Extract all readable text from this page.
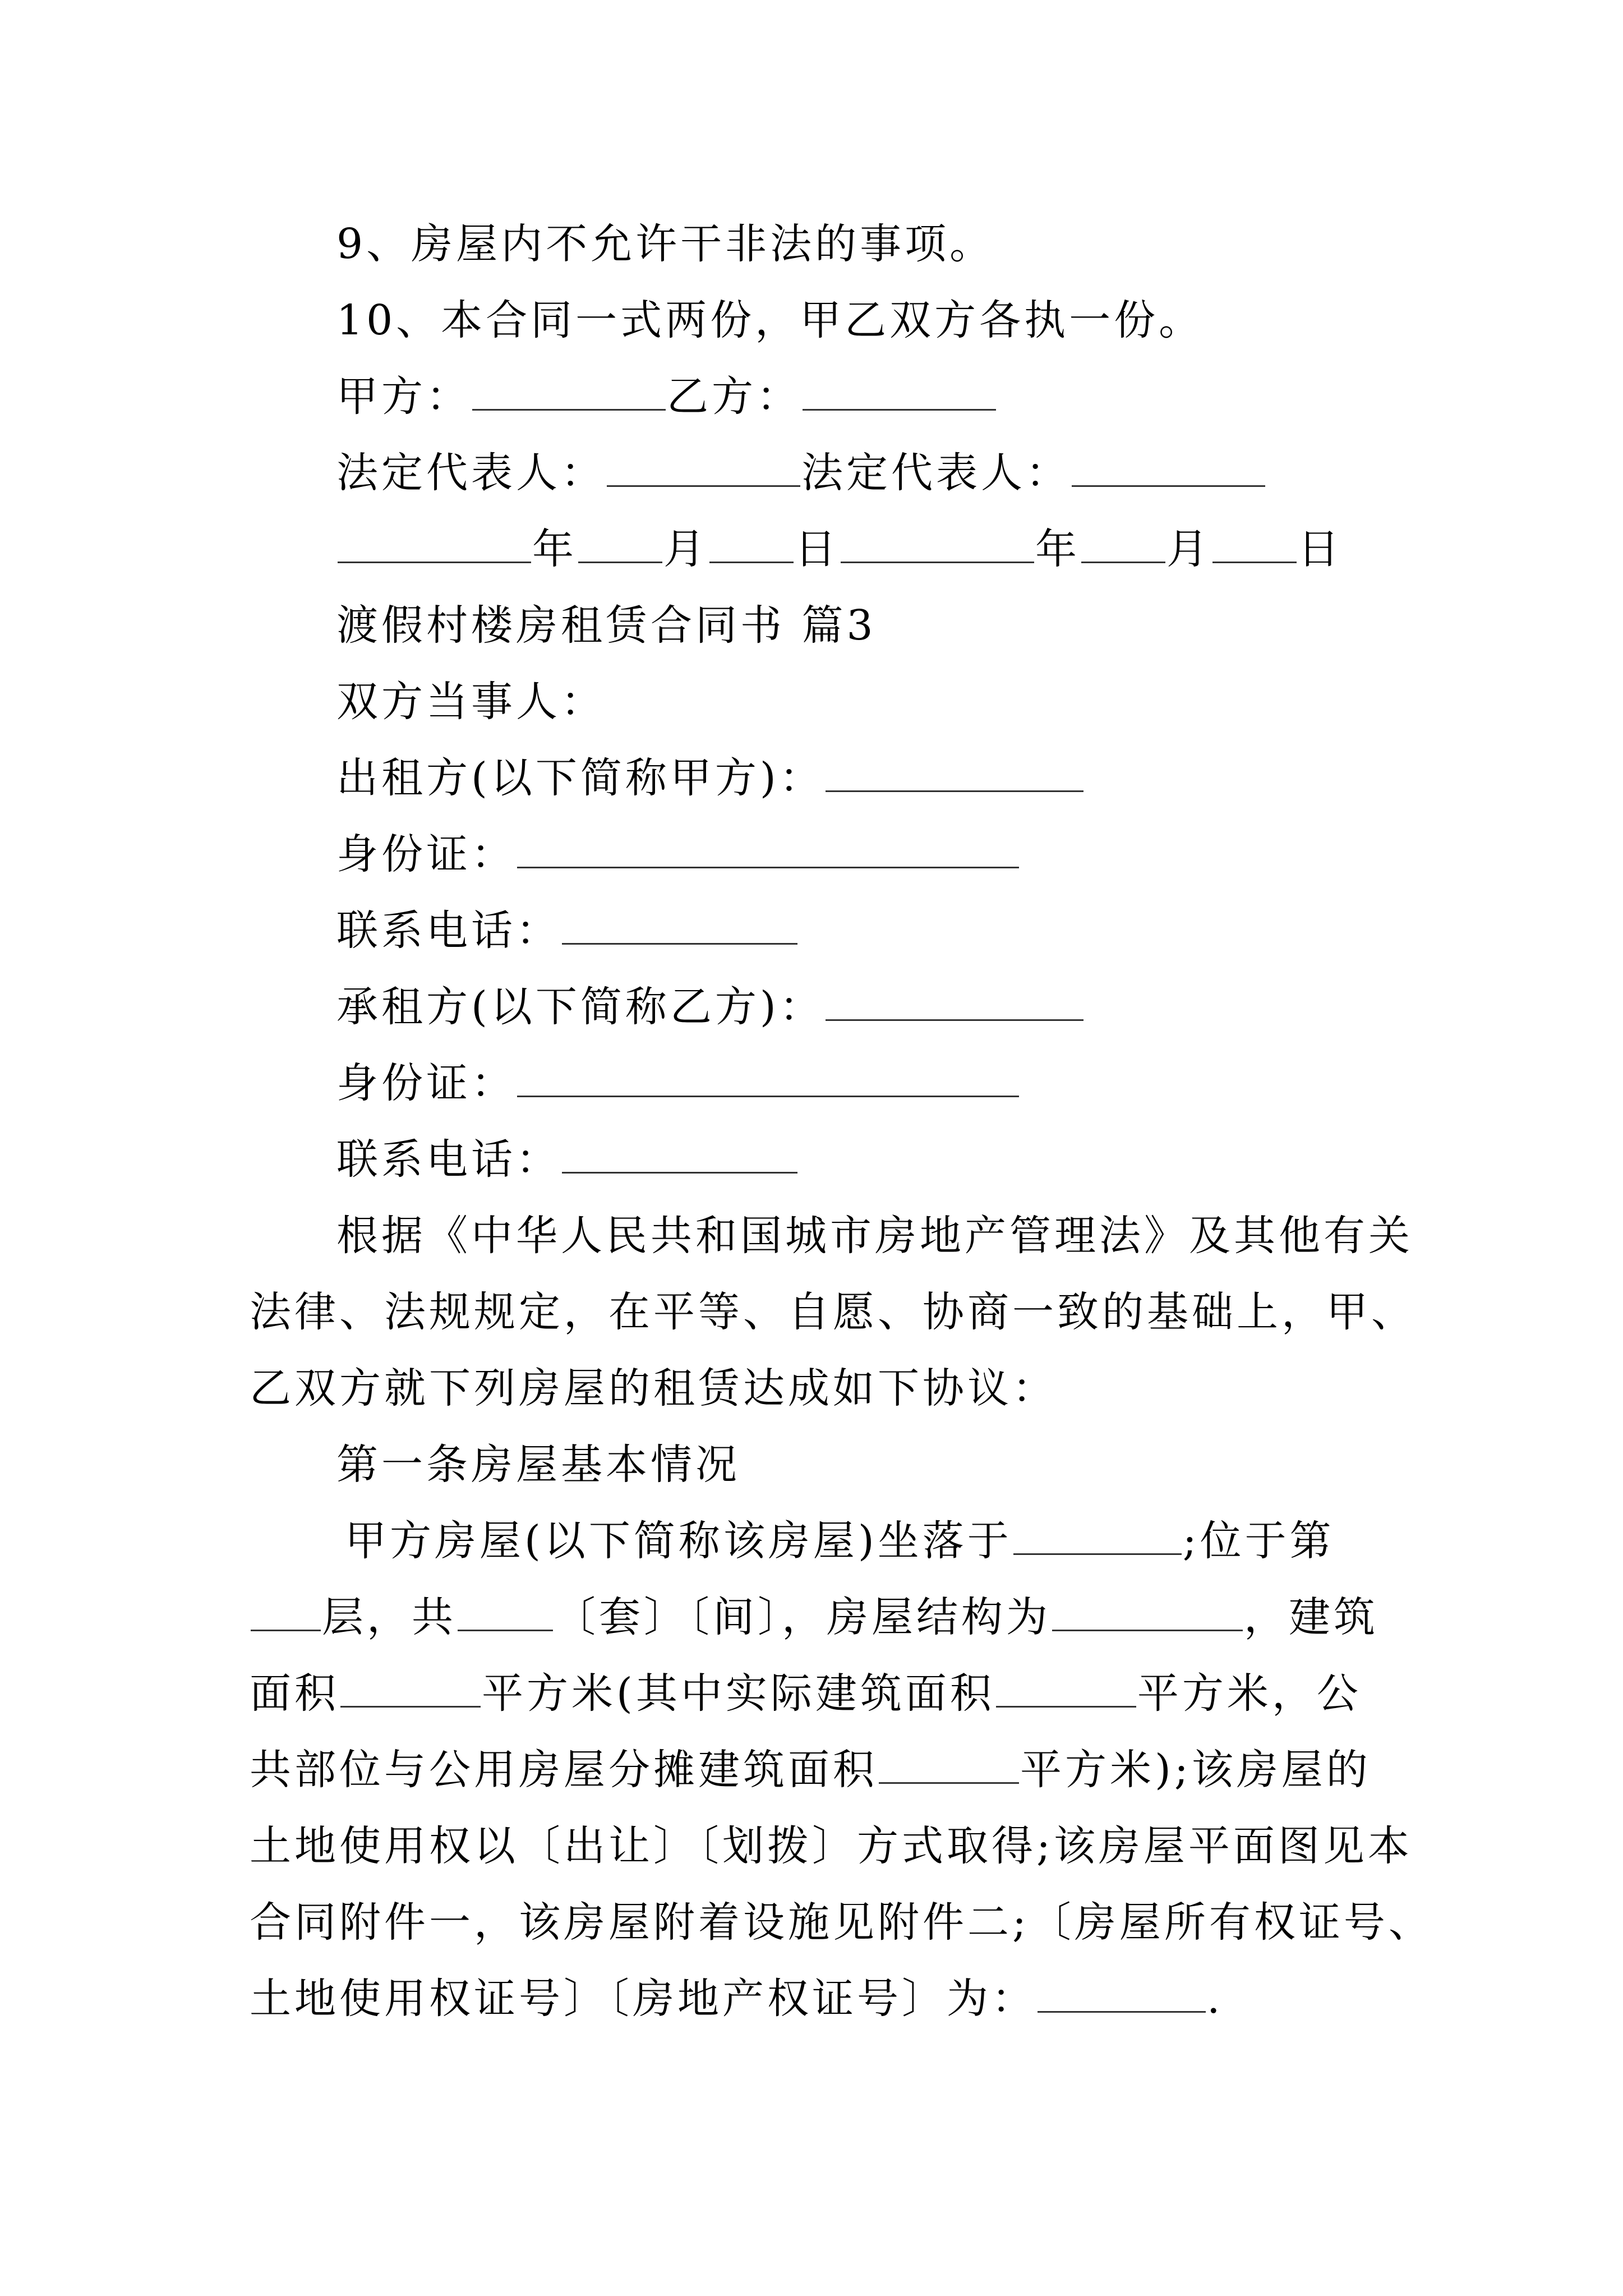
9、房屋内不允许干非法的事项。
10、本合同一式两份，甲乙双方各执一份。
甲方：	乙方：
法定代表人：	法定代表人：
年 月 日	年 月 日
渡假村楼房租赁合同书 篇3
双方当事人：
出租方(以下简称甲方)：
身份证：
联系电话：
承租方(以下简称乙方)：
身份证：
联系电话：
根据《中华人民共和国城市房地产管理法》及其他有关
法律、法规规定，在平等、自愿、协商一致的基础上，甲、
乙双方就下列房屋的租赁达成如下协议：
第一条房屋基本情况
甲方房屋(以下简称该房屋)坐落于	;位于第
层，共 〔套〕〔间〕，房屋结构为	，建筑
面积	平方米(其中实际建筑面积	平方米，公
共部位与公用房屋分摊建筑面积	平方米);该房屋的
土地使用权以〔出让〕〔划拨〕方式取得;该房屋平面图见本
合同附件一，该房屋附着设施见附件二;〔房屋所有权证号、
土地使用权证号〕〔房地产权证号〕为：	.
